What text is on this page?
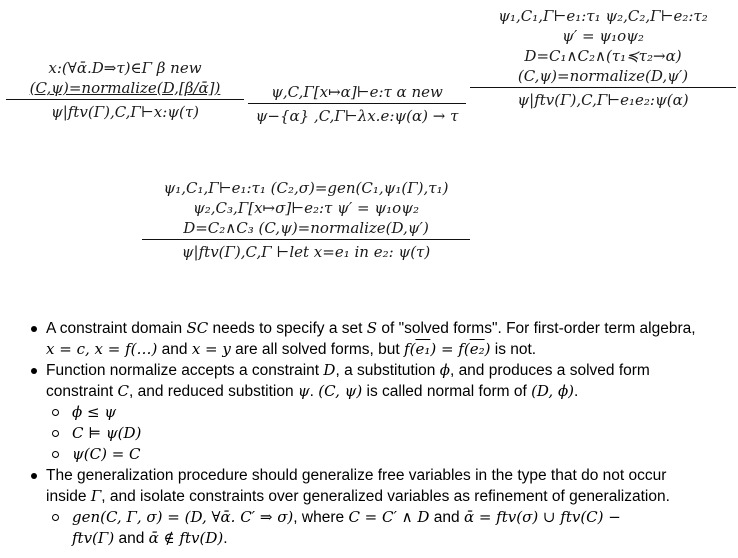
x:(∀ᾱ.D⇒τ)∈Γ β new
(C,ψ)=normalize(D,[β/ᾱ])
ψ|ftv(Γ),C,Γ⊢x:ψ(τ)
ψ,C,Γ[x↦α]⊢e:τ α new
ψ−{α} ,C,Γ⊢λx.e:ψ(α) → τ
ψ₁,C₁,Γ⊢e₁:τ₁ ψ₂,C₂,Γ⊢e₂:τ₂
ψ′ = ψ₁oψ₂
D=C₁∧C₂∧(τ₁≼τ₂→α)
(C,ψ)=normalize(D,ψ′)
ψ|ftv(Γ),C,Γ⊢e₁e₂:ψ(α)
ψ₁,C₁,Γ⊢e₁:τ₁ (C₂,σ)=gen(C₁,ψ₁(Γ),τ₁)
ψ₂,C₃,Γ[x↦σ]⊢e₂:τ ψ′ = ψ₁oψ₂
D=C₂∧C₃ (C,ψ)=normalize(D,ψ′)
ψ|ftv(Γ),C,Γ ⊢let x=e₁ in e₂: ψ(τ)
A constraint domain SC needs to specify a set S of "solved forms". For first-order term algebra,
x = c, x = f(…) and x = y are all solved forms, but f(e₁) = f(e₂) is not.
Function normalize accepts a constraint D, a substitution ϕ, and produces a solved form
constraint C, and reduced substition ψ. (C, ψ) is called normal form of (D, ϕ).
ϕ ≤ ψ
C ⊨ ψ(D)
ψ(C) = C
The generalization procedure should generalize free variables in the type that do not occur
inside Γ, and isolate constraints over generalized variables as refinement of generalization.
gen(C, Γ, σ) = (D, ∀ᾱ. C′ ⇒ σ), where C = C′ ∧ D and ᾱ = ftv(σ) ∪ ftv(C) −
ftv(Γ) and ᾱ ∉ ftv(D).
